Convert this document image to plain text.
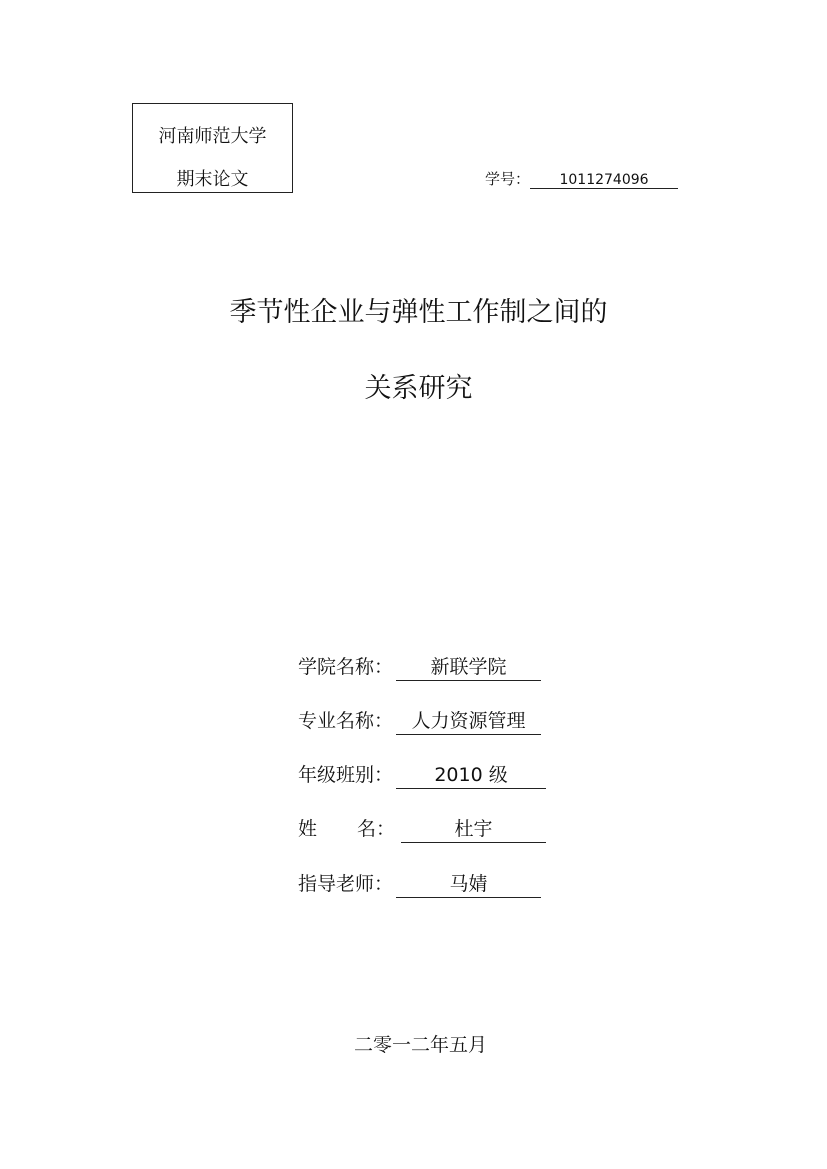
河南师范大学
期末论文	学号： 1011274096
季节性企业与弹性工作制之间的
关系研究
学院名称： 新联学院
专业名称： 人力资源管理
年级班别： 2010 级
姓 名：	杜宇
指导老师：	马婧
二零一二年五月
